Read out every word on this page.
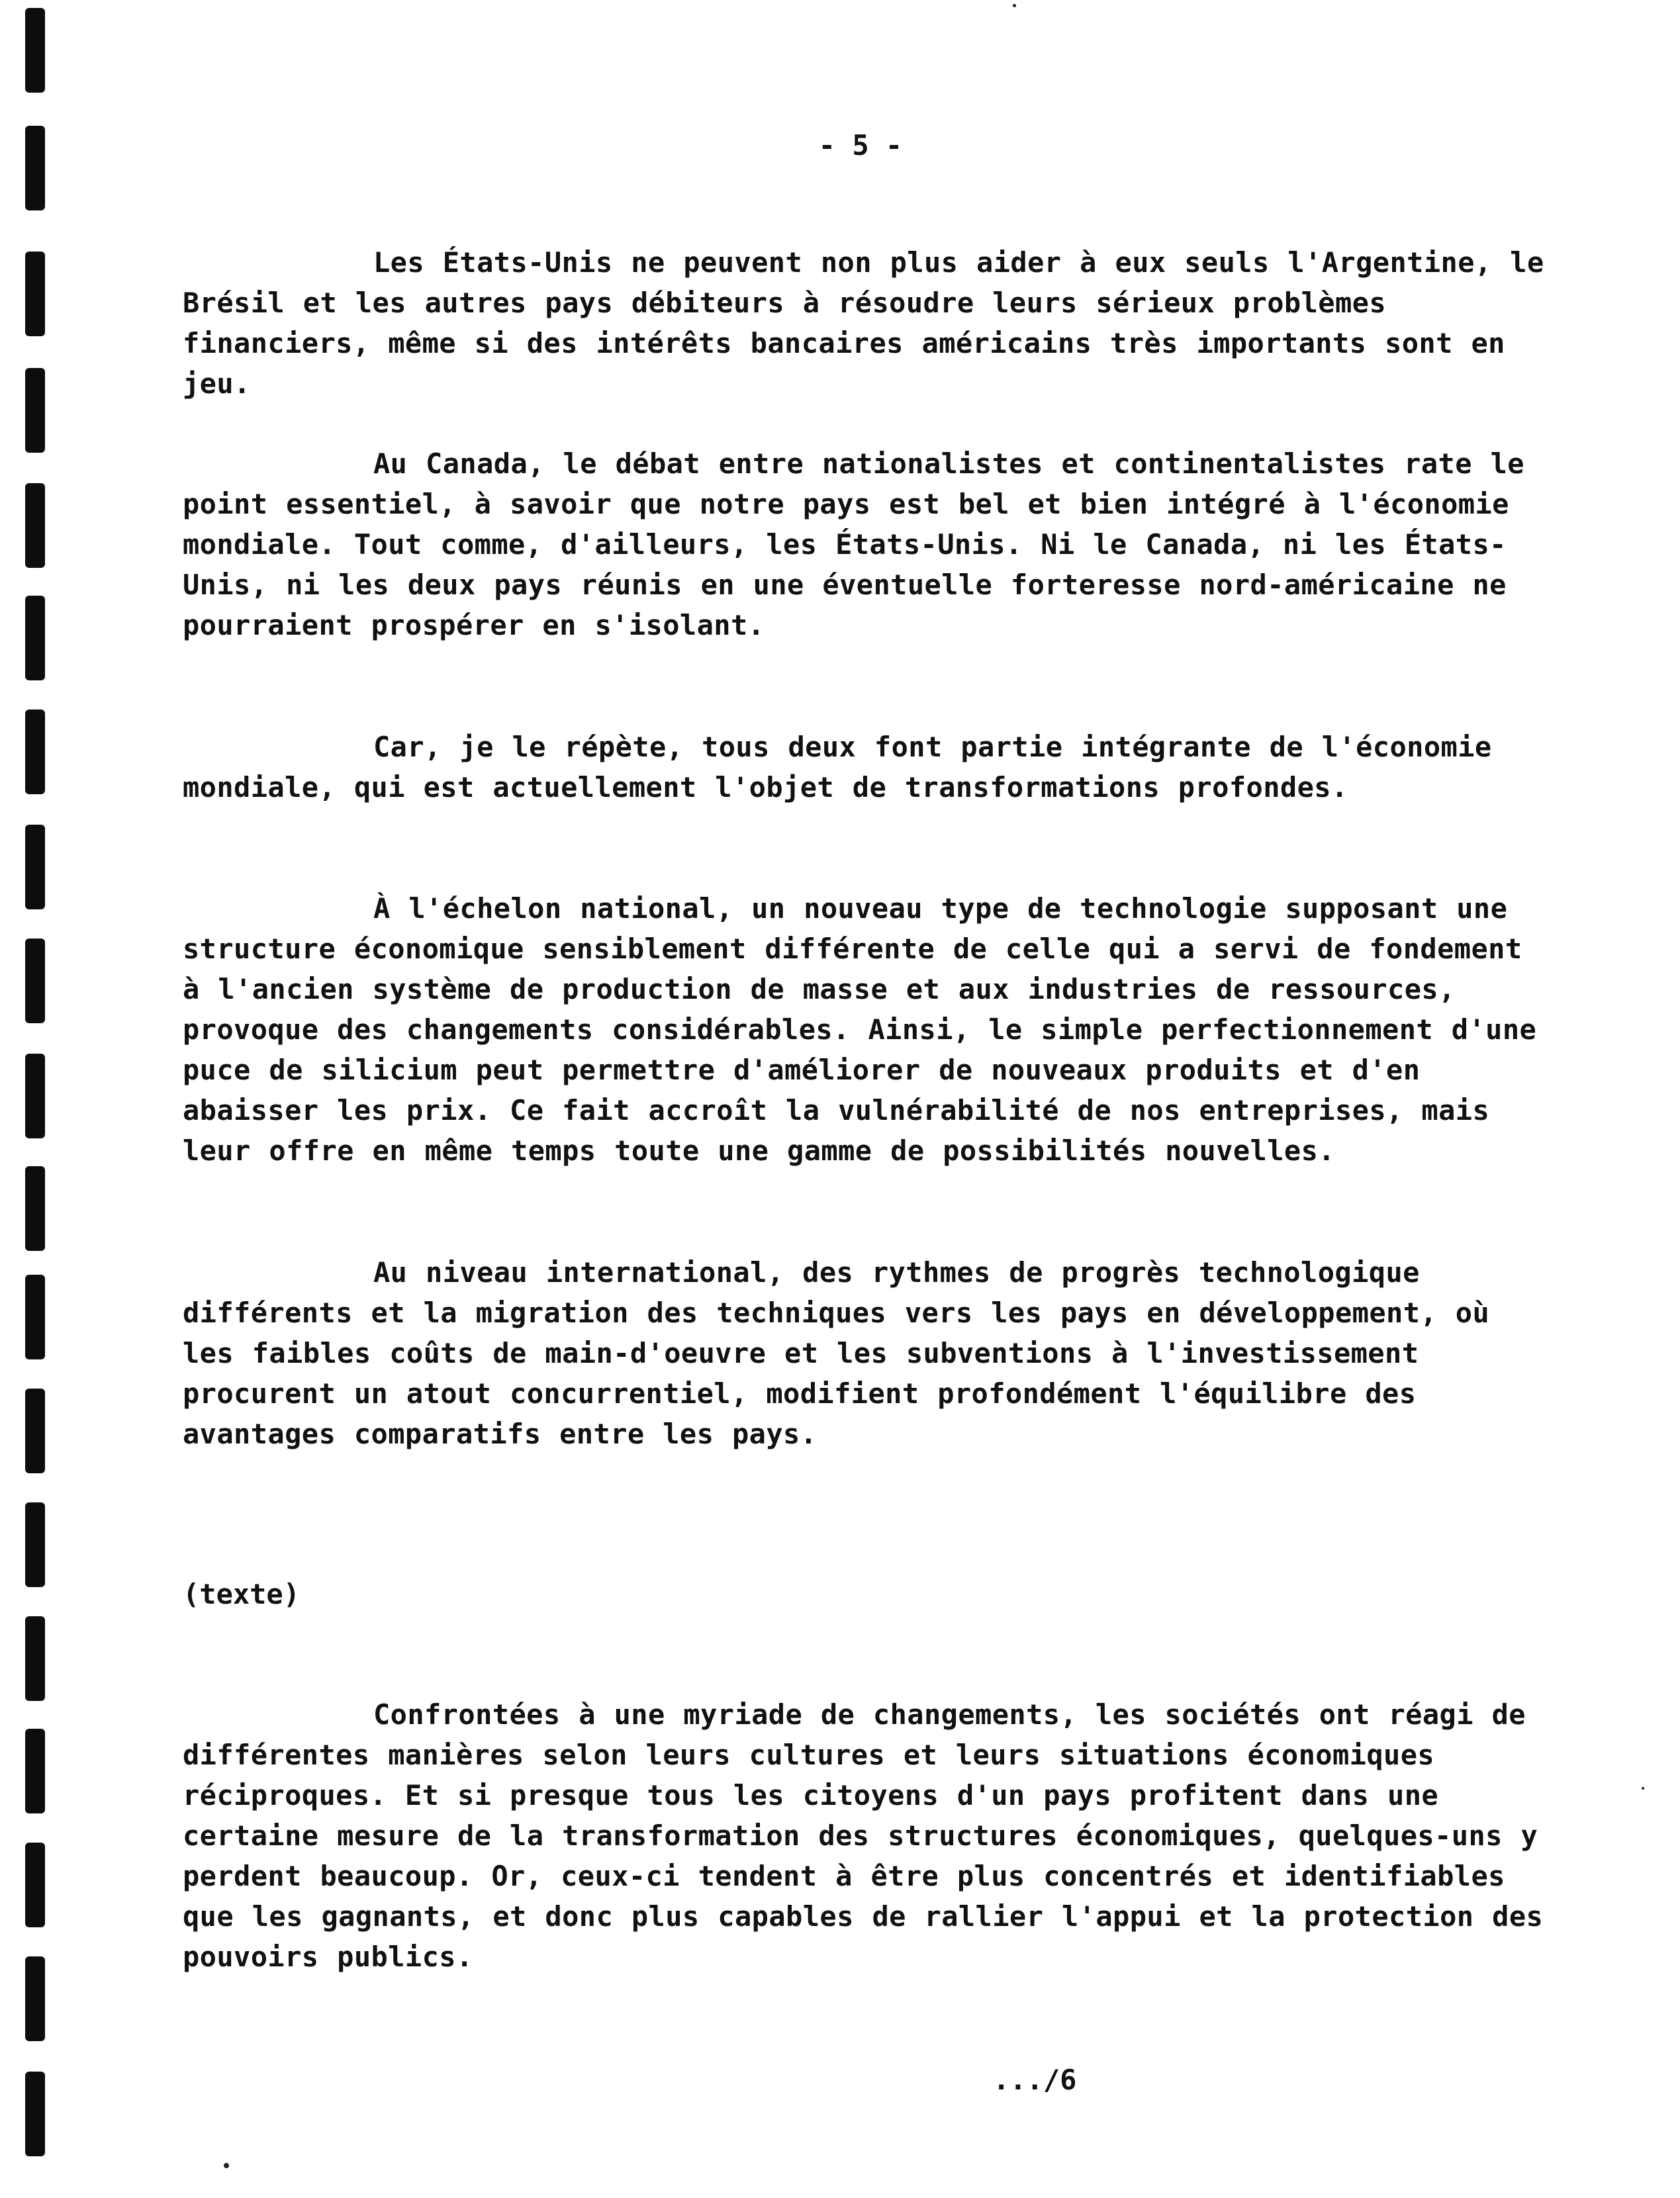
- 5 -

Les États-Unis ne peuvent non plus aider à eux seuls l'Argentine, le Brésil et les autres pays débiteurs à résoudre leurs sérieux problèmes financiers, même si des intérêts bancaires américains très importants sont en jeu.

Au Canada, le débat entre nationalistes et continentalistes rate le point essentiel, à savoir que notre pays est bel et bien intégré à l'économie mondiale. Tout comme, d'ailleurs, les États-Unis. Ni le Canada, ni les États-Unis, ni les deux pays réunis en une éventuelle forteresse nord-américaine ne pourraient prospérer en s'isolant.

Car, je le répète, tous deux font partie intégrante de l'économie mondiale, qui est actuellement l'objet de transformations profondes.

À l'échelon national, un nouveau type de technologie supposant une structure économique sensiblement différente de celle qui a servi de fondement à l'ancien système de production de masse et aux industries de ressources, provoque des changements considérables. Ainsi, le simple perfectionnement d'une puce de silicium peut permettre d'améliorer de nouveaux produits et d'en abaisser les prix. Ce fait accroît la vulnérabilité de nos entreprises, mais leur offre en même temps toute une gamme de possibilités nouvelles.

Au niveau international, des rythmes de progrès technologique différents et la migration des techniques vers les pays en développement, où les faibles coûts de main-d'oeuvre et les subventions à l'investissement procurent un atout concurrentiel, modifient profondément l'équilibre des avantages comparatifs entre les pays.

(texte)

Confrontées à une myriade de changements, les sociétés ont réagi de différentes manières selon leurs cultures et leurs situations économiques réciproques. Et si presque tous les citoyens d'un pays profitent dans une certaine mesure de la transformation des structures économiques, quelques-uns y perdent beaucoup. Or, ceux-ci tendent à être plus concentrés et identifiables que les gagnants, et donc plus capables de rallier l'appui et la protection des pouvoirs publics.

.../6
